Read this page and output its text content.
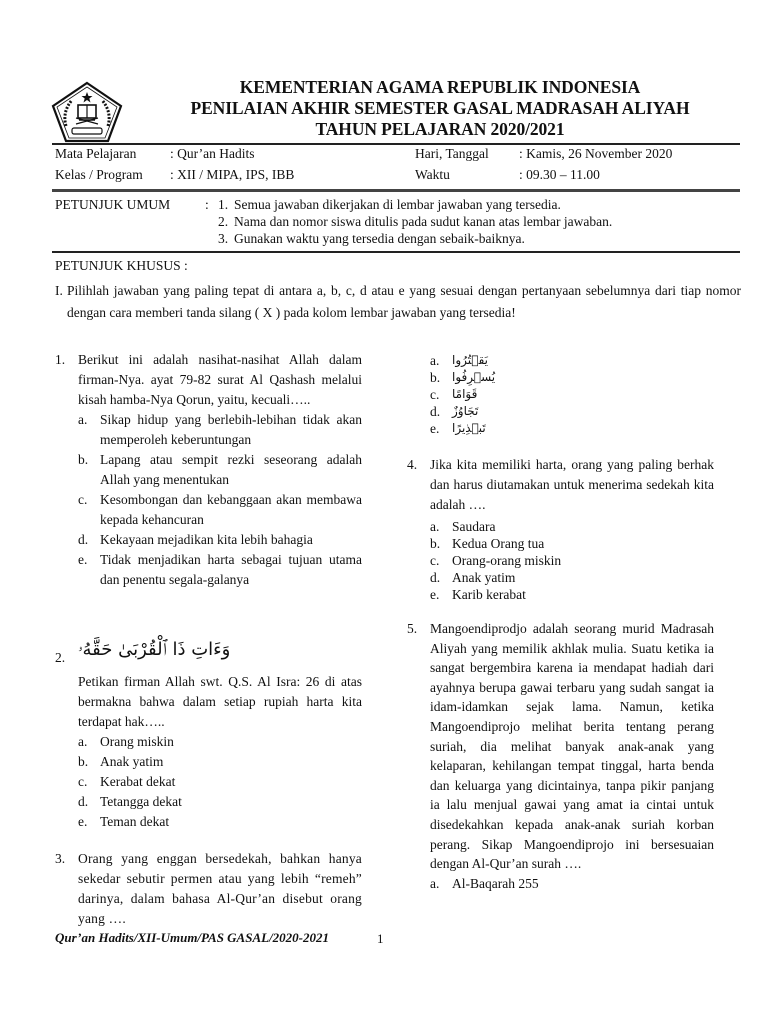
KEMENTERIAN AGAMA REPUBLIK INDONESIA
PENILAIAN AKHIR SEMESTER GASAL MADRASAH ALIYAH
TAHUN PELAJARAN 2020/2021
Mata Pelajaran	: Qur’an Hadits
Kelas / Program	: XII / MIPA, IPS, IBB
Hari, Tanggal	: Kamis, 26 November 2020
Waktu	: 09.30 – 11.00
PETUNJUK UMUM	: 1. Semua jawaban dikerjakan di lembar jawaban yang tersedia.
2. Nama dan nomor siswa ditulis pada sudut kanan atas lembar jawaban.
3. Gunakan waktu yang tersedia dengan sebaik-baiknya.
PETUNJUK KHUSUS :
I. Pilihlah jawaban yang paling tepat di antara a, b, c, d atau e yang sesuai dengan pertanyaan sebelumnya dari tiap nomor dengan cara memberi tanda silang ( X ) pada kolom lembar jawaban yang tersedia!
1. Berikut ini adalah nasihat-nasihat Allah dalam firman-Nya. ayat 79-82 surat Al Qashash melalui kisah hamba-Nya Qorun, yaitu, kecuali…..
a. Sikap hidup yang berlebih-lebihan tidak akan memperoleh keberuntungan
b. Lapang atau sempit rezki seseorang adalah Allah yang menentukan
c. Kesombongan dan kebanggaan akan membawa kepada kehancuran
d. Kekayaan mejadikan kita lebih bahagia
e. Tidak menjadikan harta sebagai tujuan utama dan penentu segala-galanya
2. وَءَاتِ ذَا ٱلْقُرْبَىٰ حَقَّهُۥ
Petikan firman Allah swt. Q.S. Al Isra: 26 di atas bermakna bahwa dalam setiap rupiah harta kita terdapat hak…..
a. Orang miskin
b. Anak yatim
c. Kerabat dekat
d. Tetangga dekat
e. Teman dekat
3. Orang yang enggan bersedekah, bahkan hanya sekedar sebutir permen atau yang lebih “remeh” darinya, dalam bahasa Al-Qur’an disebut orang yang ….
a.	يَقۡتُرُوا
b. يُسۡرِفُوا
c.	قَوَامًا
d. تَجَاوُزٌ
e.	تَبۡذِيرًا
4. Jika kita memiliki harta, orang yang paling berhak dan harus diutamakan untuk menerima sedekah kita adalah ….
a. Saudara
b. Kedua Orang tua
c. Orang-orang miskin
d. Anak yatim
e. Karib kerabat
5. Mangoendiprodjo adalah seorang murid Madrasah Aliyah yang memilik akhlak mulia. Suatu ketika ia sangat bergembira karena ia mendapat hadiah dari ayahnya berupa gawai terbaru yang sudah sangat ia idam-idamkan sejak lama. Namun, ketika Mangoendiprojo melihat berita tentang perang suriah, dia melihat banyak anak-anak yang kelaparan, kehilangan tempat tinggal, harta benda dan keluarga yang dicintainya, tanpa pikir panjang ia lalu menjual gawai yang amat ia cintai untuk disedekahkan kepada anak-anak suriah korban perang. Sikap Mangoendiprojo ini bersesuaian dengan Al-Qur’an surah ….
a. Al-Baqarah 255
Qur’an Hadits/XII-Umum/PAS GASAL/2020-2021	1
